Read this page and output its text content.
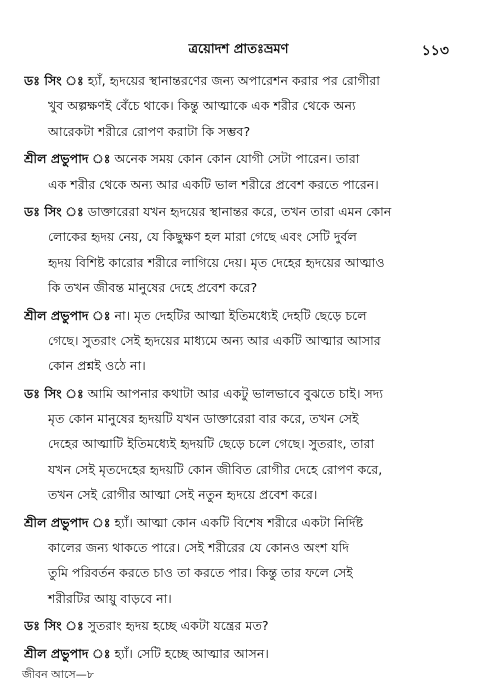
ত্রয়োদশ প্রাতঃভ্রমণ	১১৩
ডঃ সিং ঃ হ্যাঁ, হৃদয়ের স্থানান্তরণের জন্য অপারেশন করার পর রোগীরা
খুব অল্পক্ষণই বেঁচে থাকে। কিন্তু আত্মাকে এক শরীর থেকে অন্য
আরেকটা শরীরে রোপণ করাটা কি সম্ভব?
শ্রীল প্রভুপাদ ঃ অনেক সময় কোন কোন যোগী সেটা পারেন। তারা
এক শরীর থেকে অন্য আর একটি ভাল শরীরে প্রবেশ করতে পারেন।
ডঃ সিং ঃ ডাক্তারেরা যখন হৃদয়ের স্থানান্তর করে, তখন তারা এমন কোন
লোকের হৃদয় নেয়, যে কিছুক্ষণ হল মারা গেছে এবং সেটি দুর্বল
হৃদয় বিশিষ্ট কারোর শরীরে লাগিয়ে দেয়। মৃত দেহের হৃদয়ের আত্মাও
কি তখন জীবন্ত মানুষের দেহে প্রবেশ করে?
শ্রীল প্রভুপাদ ঃ না। মৃত দেহটির আত্মা ইতিমধ্যেই দেহটি ছেড়ে চলে
গেছে। সুতরাং সেই হৃদয়ের মাধ্যমে অন্য আর একটি আত্মার আসার
কোন প্রশ্নই ওঠে না।
ডঃ সিং ঃ আমি আপনার কথাটা আর একটু ভালভাবে বুঝতে চাই। সদ্য
মৃত কোন মানুষের হৃদয়টি যখন ডাক্তারেরা বার করে, তখন সেই
দেহের আত্মাটি ইতিমধ্যেই হৃদয়টি ছেড়ে চলে গেছে। সুতরাং, তারা
যখন সেই মৃতদেহের হৃদয়টি কোন জীবিত রোগীর দেহে রোপণ করে,
তখন সেই রোগীর আত্মা সেই নতুন হৃদয়ে প্রবেশ করে।
শ্রীল প্রভুপাদ ঃ হ্যাঁ। আত্মা কোন একটি বিশেষ শরীরে একটা নির্দিষ্ট
কালের জন্য থাকতে পারে। সেই শরীরের যে কোনও অংশ যদি
তুমি পরিবর্তন করতে চাও তা করতে পার। কিন্তু তার ফলে সেই
শরীরটির আয়ু বাড়বে না।
ডঃ সিং ঃ সুতরাং হৃদয় হচ্ছে একটা যন্ত্রের মত?
শ্রীল প্রভুপাদ ঃ হ্যাঁ। সেটি হচ্ছে আত্মার আসন।
জীবন আসে—৮
